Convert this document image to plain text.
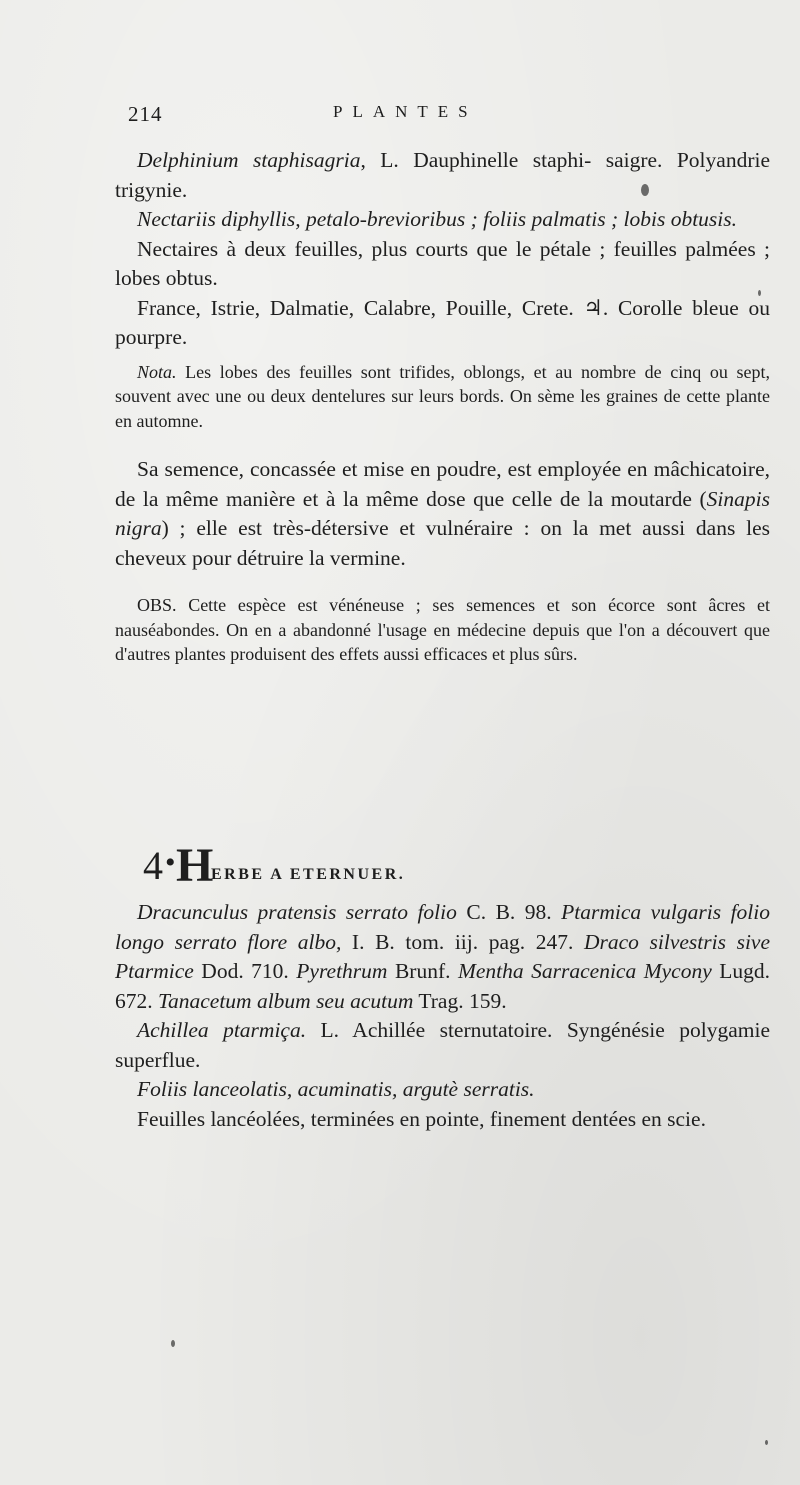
214	PLANTES

Delphinium staphisagria, L. Dauphinelle staphi- saigre. Polyandrie trigynie.

Nectariis diphyllis, petalo-brevioribus ; foliis palmatis ; lobis obtusis.

Nectaires à deux feuilles, plus courts que le pétale ; feuilles palmées ; lobes obtus.

France, Istrie, Dalmatie, Calabre, Pouille, Crete. ♃. Corolle bleue ou pourpre.

Nota. Les lobes des feuilles sont trifides, oblongs, et au nombre de cinq ou sept, souvent avec une ou deux dentelures sur leurs bords. On sème les graines de cette plante en automne.

Sa semence, concassée et mise en poudre, est employée en mâchicatoire, de la même manière et à la même dose que celle de la moutarde (Sinapis nigra) ; elle est très-détersive et vulnéraire : on la met aussi dans les cheveux pour détruire la vermine.

OBS. Cette espèce est vénéneuse ; ses semences et son écorce sont âcres et nauséabondes. On en a abandonné l'usage en médecine depuis que l'on a découvert que d'autres plantes produisent des effets aussi efficaces et plus sûrs.

4 • H
ERBE A ETERNUER.

Dracunculus pratensis serrato folio C. B. 98. Ptarmica vulgaris folio longo serrato flore albo, I. B. tom. iij. pag. 247. Draco silvestris sive Ptarmice Dod. 710. Pyrethrum Brunf. Mentha Sarracenica Mycony Lugd. 672. Tanacetum album seu acutum Trag. 159.

Achillea ptarmiça. L. Achillée sternutatoire. Syngénésie polygamie superflue.

Foliis lanceolatis, acuminatis, argutè serratis.

Feuilles lancéolées, terminées en pointe, finement dentées en scie.
